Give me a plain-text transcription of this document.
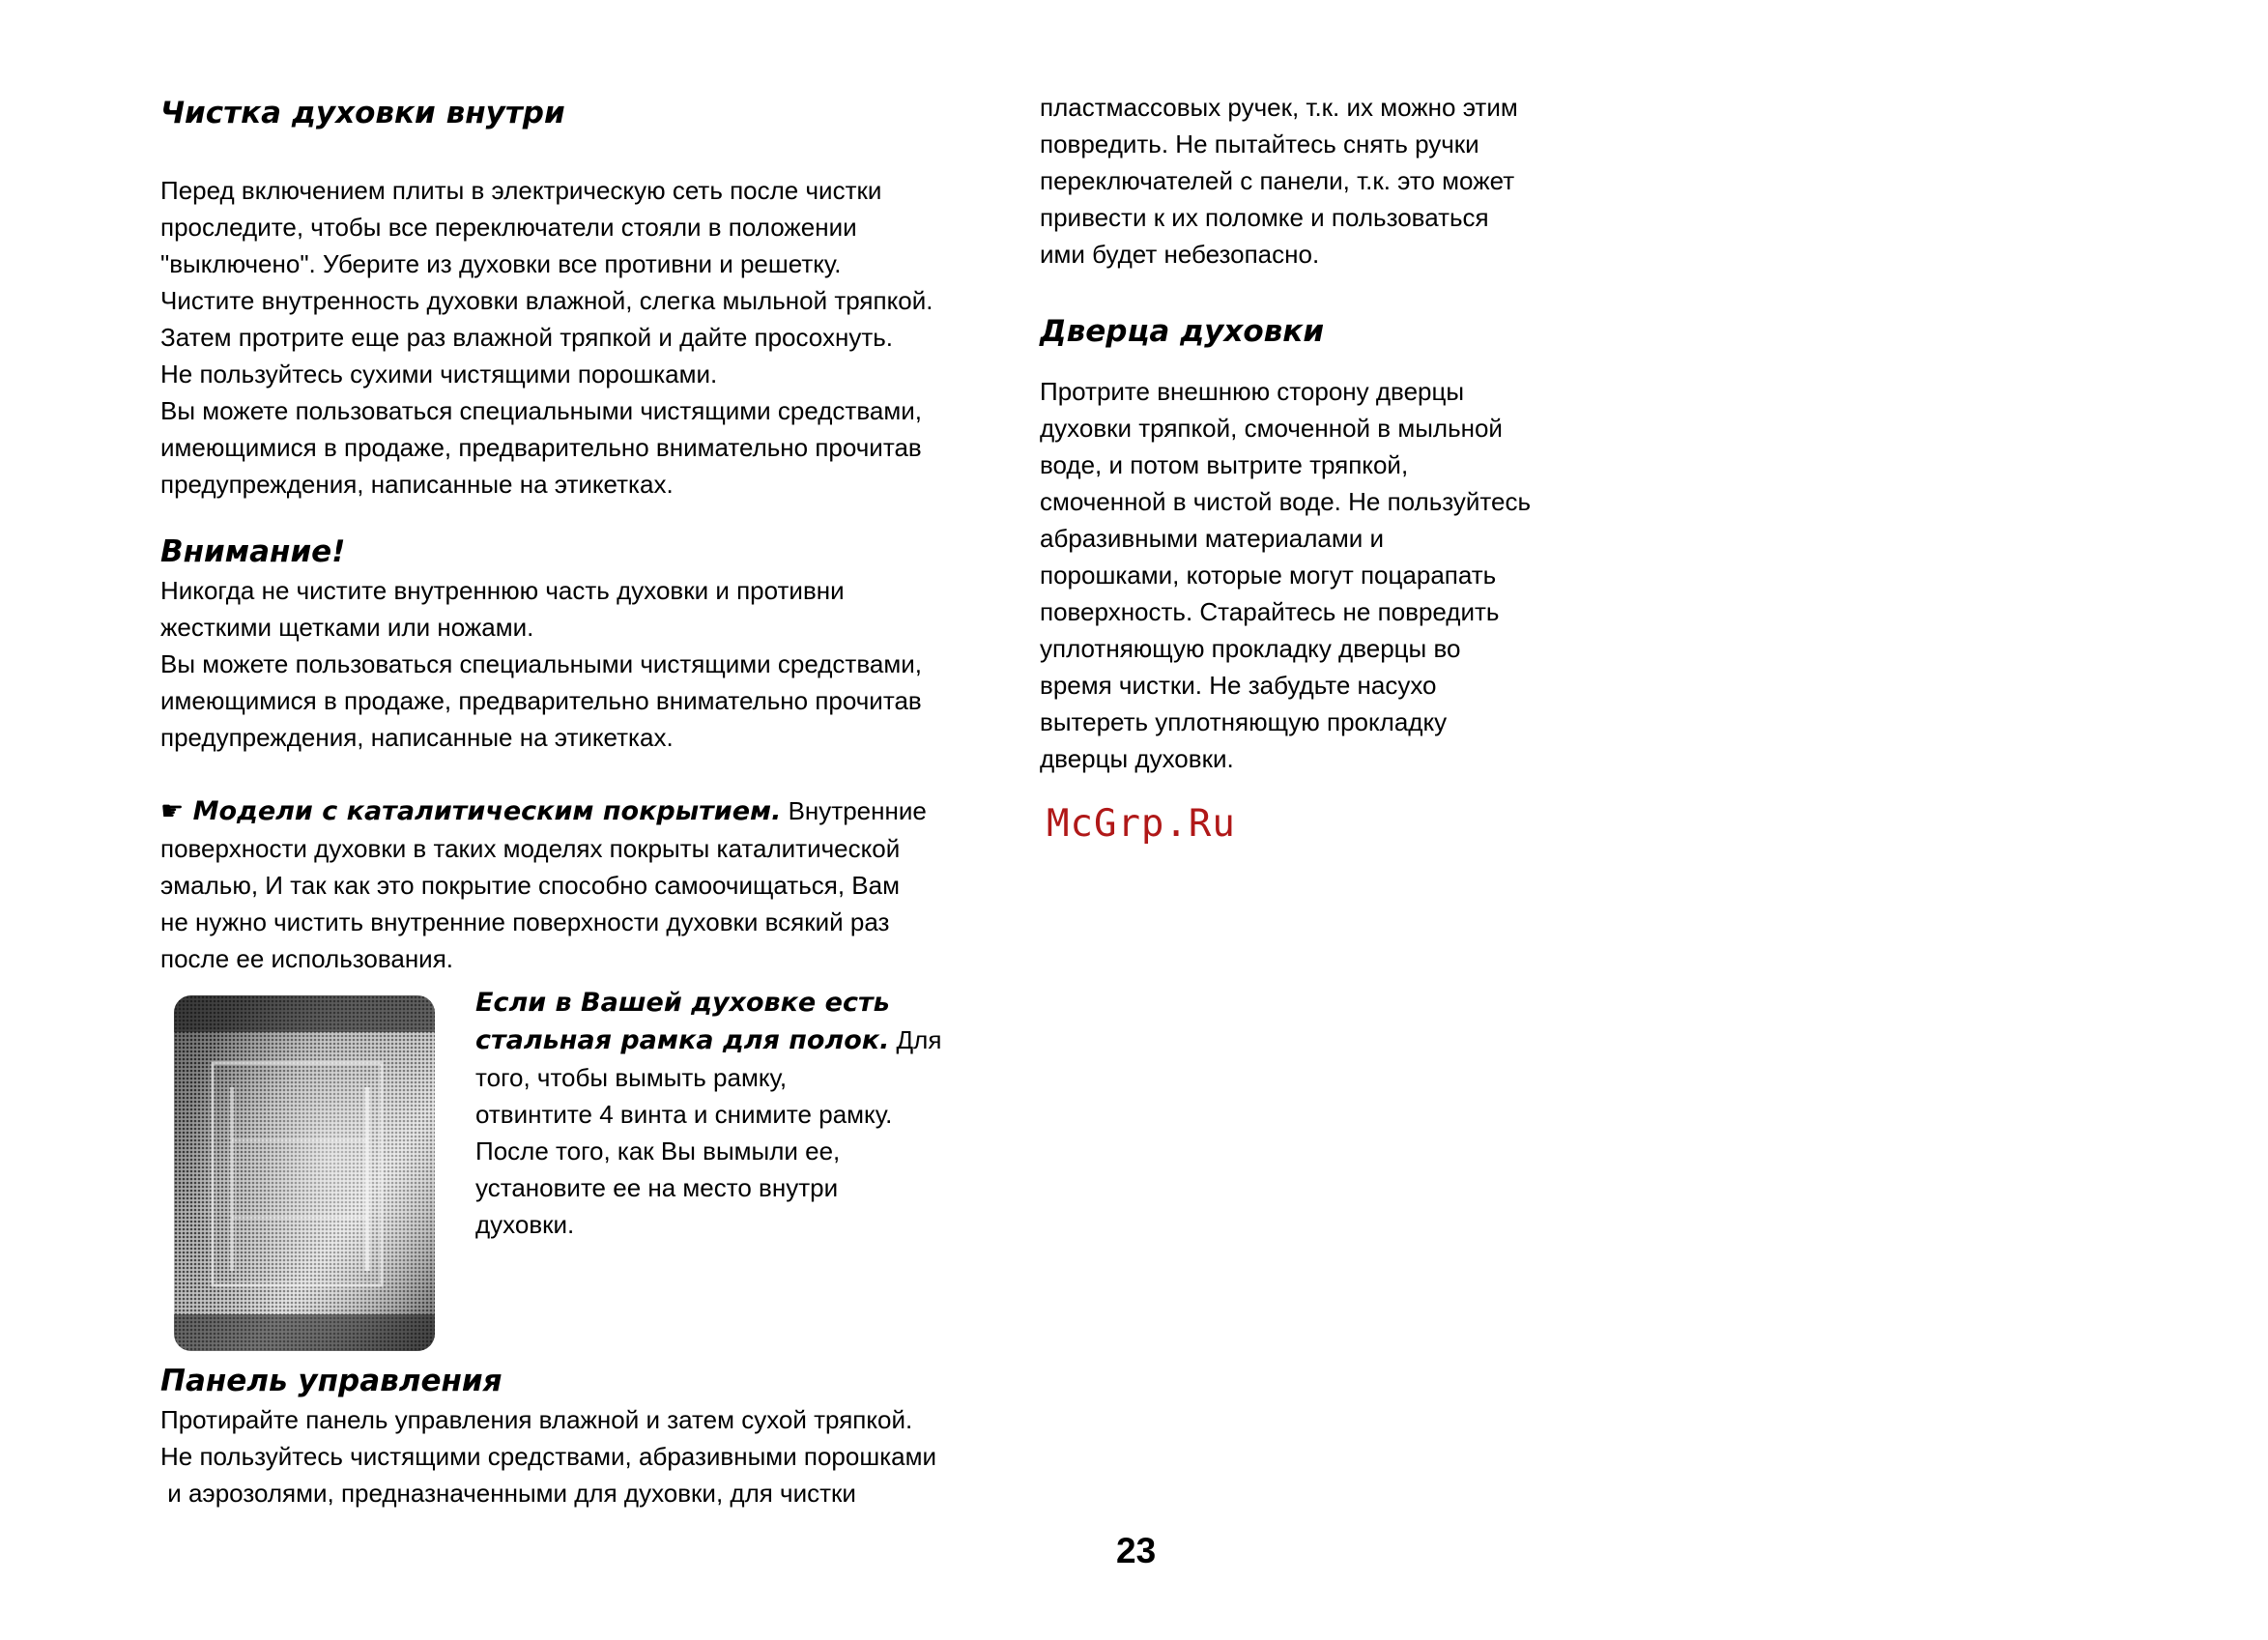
Чистка духовки внутри
Перед включением плиты в электрическую сеть после чистки
проследите, чтобы все переключатели стояли в положении
"выключено". Уберите из духовки все противни и решетку.
Чистите внутренность духовки влажной, слегка мыльной тряпкой.
Затем протрите еще раз влажной тряпкой и дайте просохнуть.
Не пользуйтесь сухими чистящими порошками.
Вы можете пользоваться специальными чистящими средствами,
имеющимися в продаже, предварительно внимательно прочитав
предупреждения, написанные на этикетках.
Внимание!
Никогда не чистите внутреннюю часть духовки и противни
жесткими щетками или ножами.
Вы можете пользоваться специальными чистящими средствами,
имеющимися в продаже, предварительно внимательно прочитав
предупреждения, написанные на этикетках.
☛ Модели с каталитическим покрытием. Внутренние
поверхности духовки в таких моделях покрыты каталитической
эмалью, И так как это покрытие способно самоочищаться, Вам
не нужно чистить внутренние поверхности духовки всякий раз
после ее использования.
Если в Вашей духовке есть
стальная рамка для полок. Для
того, чтобы вымыть рамку,
отвинтите 4 винта и снимите рамку.
После того, как Вы вымыли ее,
установите ее на место внутри
духовки.
Панель управления
Протирайте панель управления влажной и затем сухой тряпкой.
Не пользуйтесь чистящими средствами, абразивными порошками
и аэрозолями, предназначенными для духовки, для чистки
пластмассовых ручек, т.к. их можно этим
повредить. Не пытайтесь снять ручки
переключателей с панели, т.к. это может
привести к их поломке и пользоваться
ими будет небезопасно.
Дверца духовки
Протрите внешнюю сторону дверцы
духовки тряпкой, смоченной в мыльной
воде, и потом вытрите тряпкой,
смоченной в чистой воде. Не пользуйтесь
абразивными материалами и
порошками, которые могут поцарапать
поверхность. Старайтесь не повредить
уплотняющую прокладку дверцы во
время чистки. Не забудьте насухо
вытереть уплотняющую прокладку
дверцы духовки.
McGrp.Ru
23
